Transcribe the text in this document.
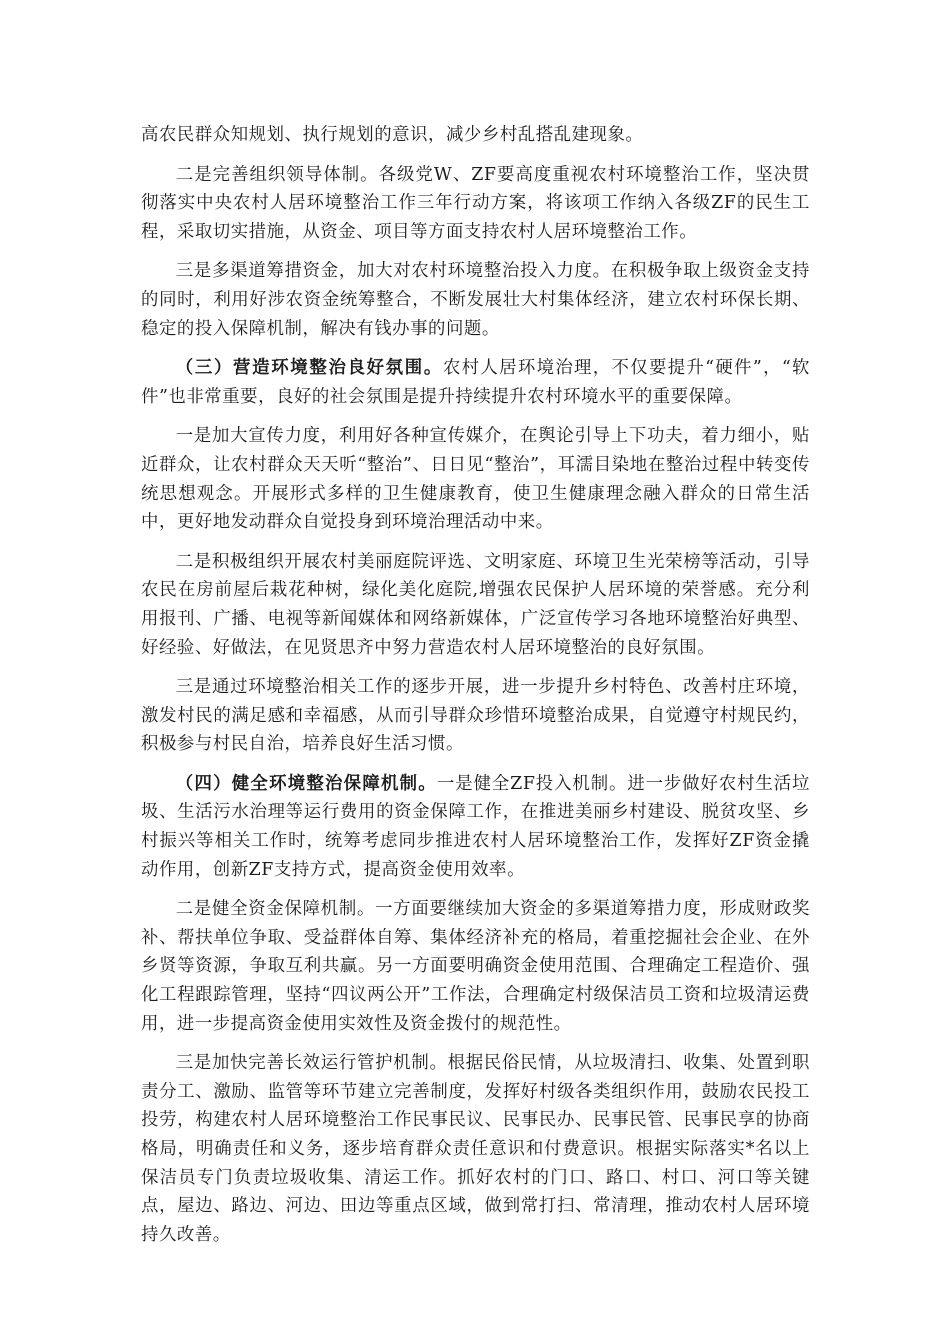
高农民群众知规划、执行规划的意识，减少乡村乱搭乱建现象。

二是完善组织领导体制。各级党W、ZF要高度重视农村环境整治工作，坚决贯彻落实中央农村人居环境整治工作三年行动方案，将该项工作纳入各级ZF的民生工程，采取切实措施，从资金、项目等方面支持农村人居环境整治工作。

三是多渠道筹措资金，加大对农村环境整治投入力度。在积极争取上级资金支持的同时，利用好涉农资金统筹整合，不断发展壮大村集体经济，建立农村环保长期、稳定的投入保障机制，解决有钱办事的问题。

（三）营造环境整治良好氛围。农村人居环境治理，不仅要提升“硬件”，“软件”也非常重要，良好的社会氛围是提升持续提升农村环境水平的重要保障。

一是加大宣传力度，利用好各种宣传媒介，在舆论引导上下功夫，着力细小，贴近群众，让农村群众天天听“整治”、日日见“整治”，耳濡目染地在整治过程中转变传统思想观念。开展形式多样的卫生健康教育，使卫生健康理念融入群众的日常生活中，更好地发动群众自觉投身到环境治理活动中来。

二是积极组织开展农村美丽庭院评选、文明家庭、环境卫生光荣榜等活动，引导农民在房前屋后栽花种树，绿化美化庭院,增强农民保护人居环境的荣誉感。充分利用报刊、广播、电视等新闻媒体和网络新媒体，广泛宣传学习各地环境整治好典型、好经验、好做法，在见贤思齐中努力营造农村人居环境整治的良好氛围。

三是通过环境整治相关工作的逐步开展，进一步提升乡村特色、改善村庄环境，激发村民的满足感和幸福感，从而引导群众珍惜环境整治成果，自觉遵守村规民约，积极参与村民自治，培养良好生活习惯。

（四）健全环境整治保障机制。一是健全ZF投入机制。进一步做好农村生活垃圾、生活污水治理等运行费用的资金保障工作，在推进美丽乡村建设、脱贫攻坚、乡村振兴等相关工作时，统筹考虑同步推进农村人居环境整治工作，发挥好ZF资金撬动作用，创新ZF支持方式，提高资金使用效率。

二是健全资金保障机制。一方面要继续加大资金的多渠道筹措力度，形成财政奖补、帮扶单位争取、受益群体自筹、集体经济补充的格局，着重挖掘社会企业、在外乡贤等资源，争取互利共赢。另一方面要明确资金使用范围、合理确定工程造价、强化工程跟踪管理，坚持“四议两公开”工作法，合理确定村级保洁员工资和垃圾清运费用，进一步提高资金使用实效性及资金拨付的规范性。

三是加快完善长效运行管护机制。根据民俗民情，从垃圾清扫、收集、处置到职责分工、激励、监管等环节建立完善制度，发挥好村级各类组织作用，鼓励农民投工投劳，构建农村人居环境整治工作民事民议、民事民办、民事民管、民事民享的协商格局，明确责任和义务，逐步培育群众责任意识和付费意识。根据实际落实*名以上保洁员专门负责垃圾收集、清运工作。抓好农村的门口、路口、村口、河口等关键点，屋边、路边、河边、田边等重点区域，做到常打扫、常清理，推动农村人居环境持久改善。
